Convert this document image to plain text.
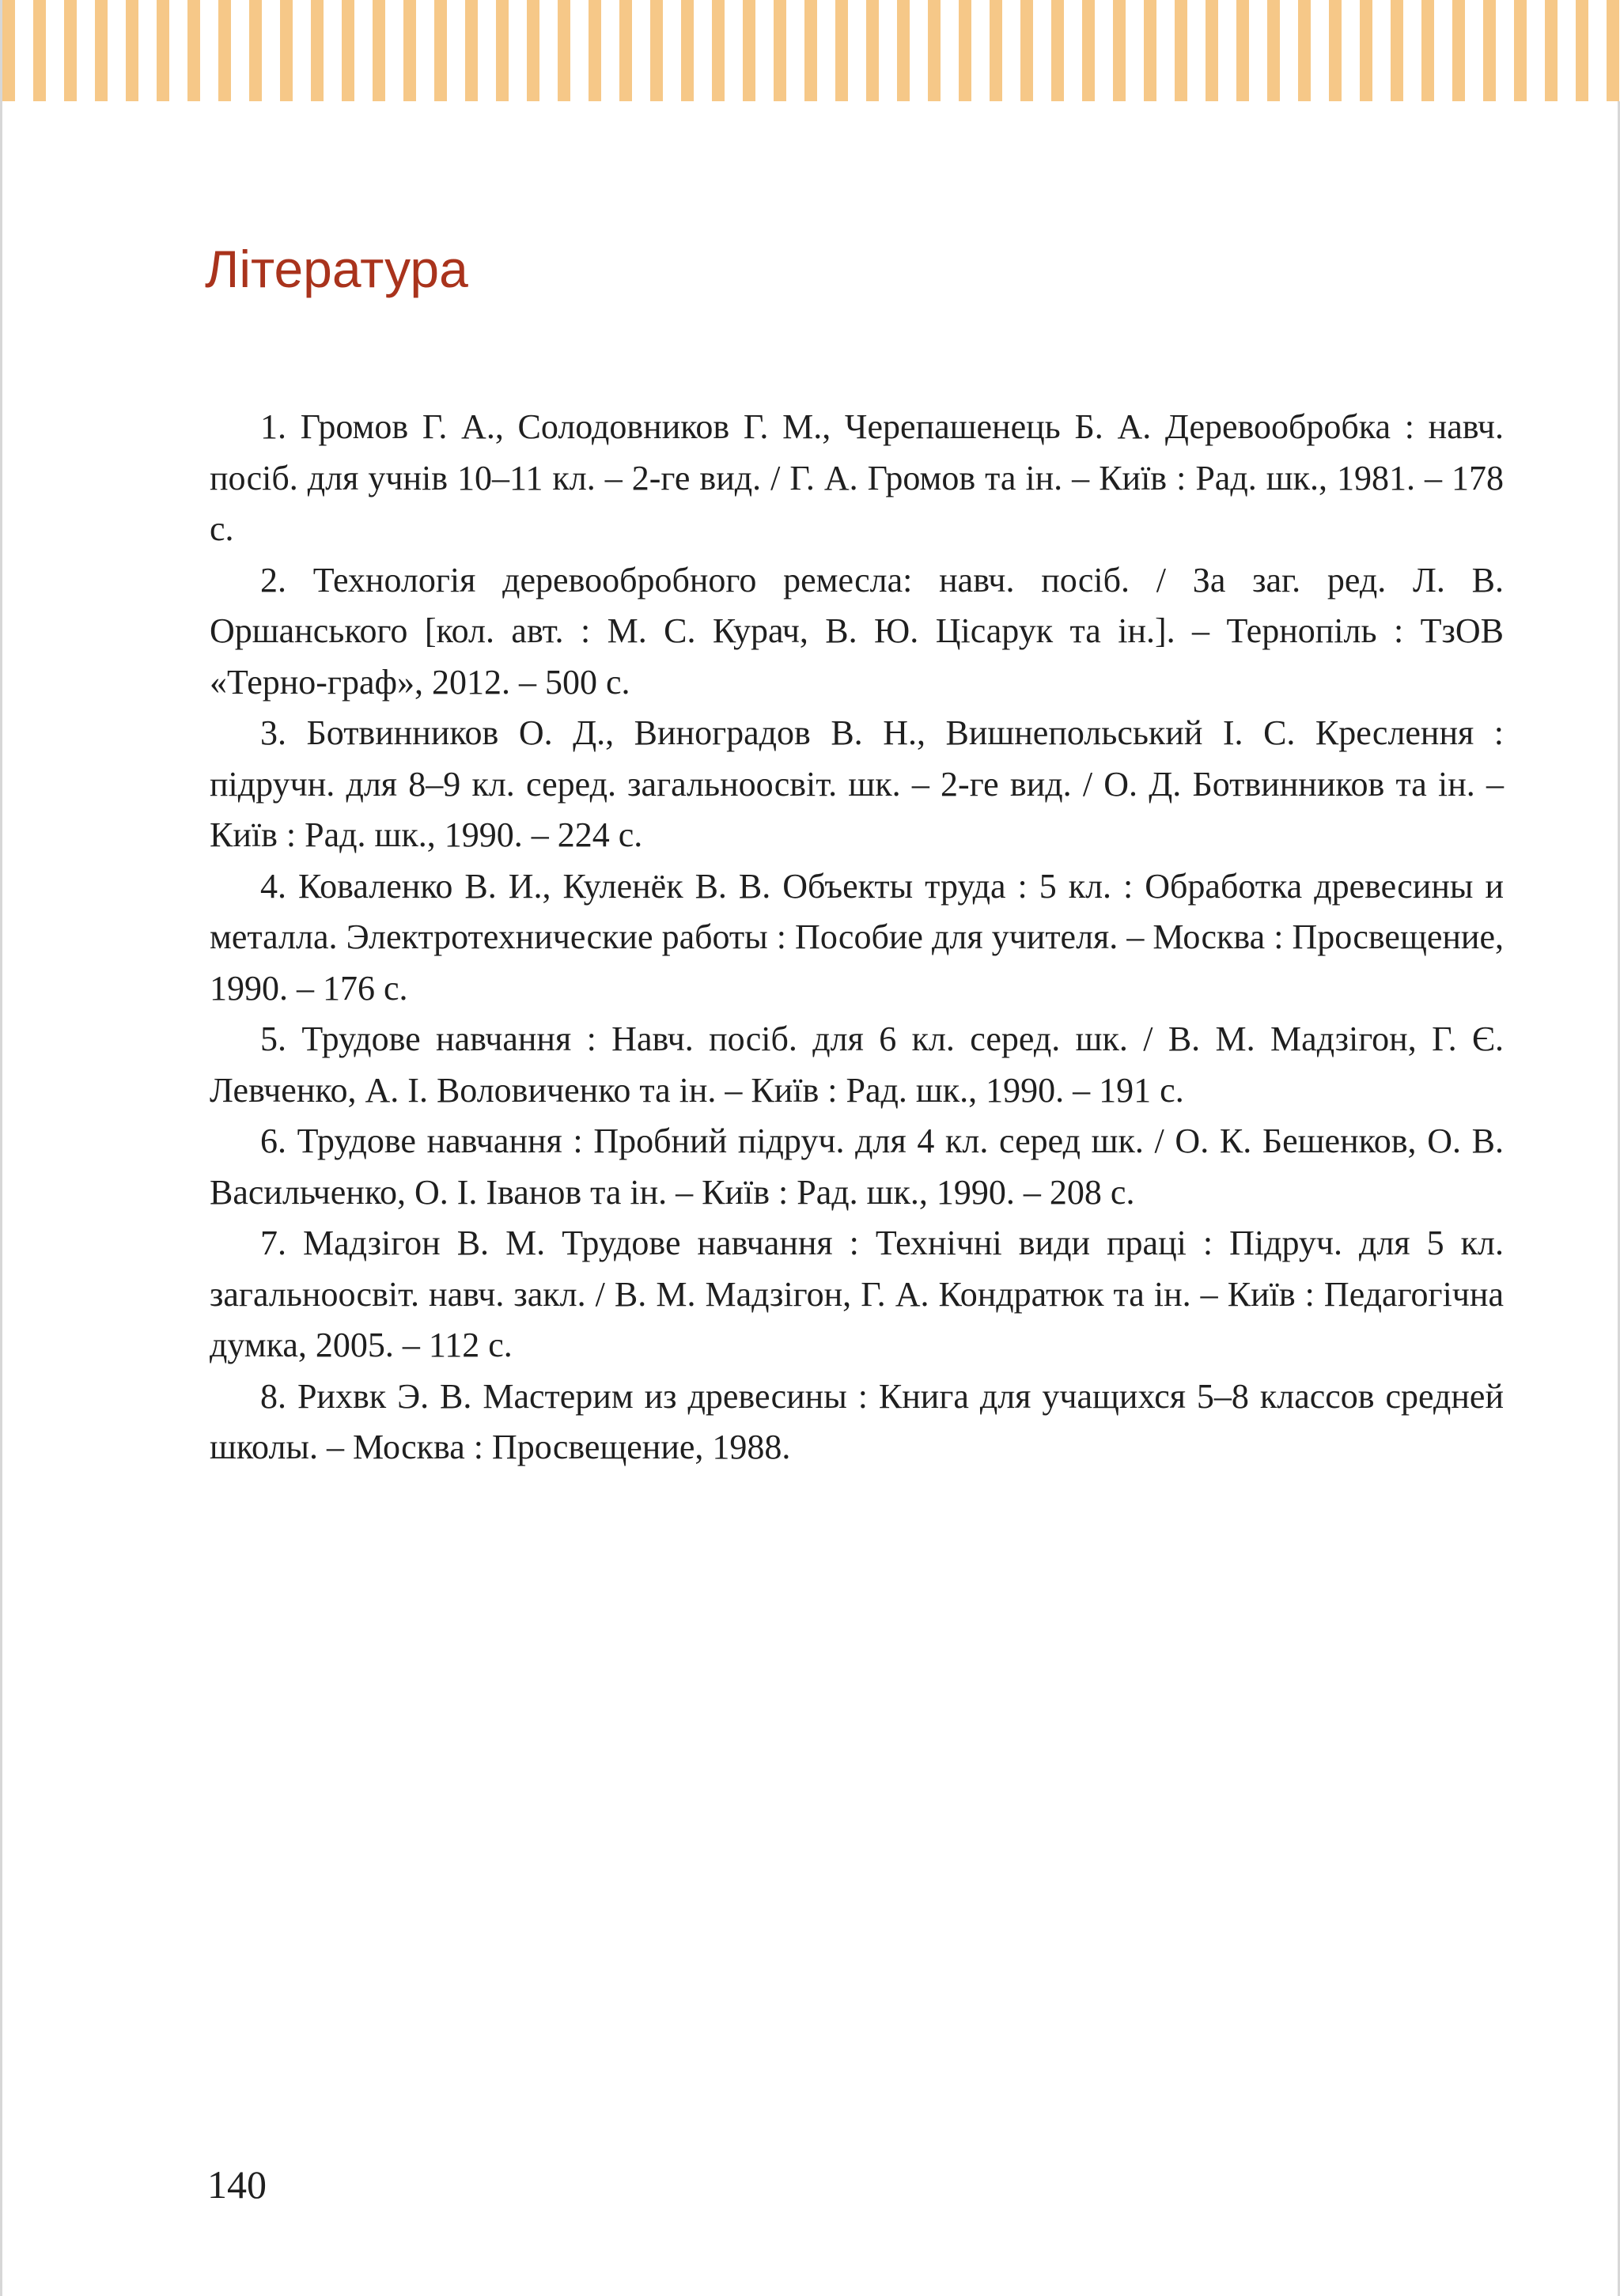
Література
1. Громов Г. А., Солодовников Г. М., Черепашенець Б. А. Деревообробка : навч. посіб. для учнів 10–11 кл. – 2-ге вид. / Г. А. Громов та ін. – Київ : Рад. шк., 1981. – 178 с.
2. Технологія деревообробного ремесла: навч. посіб. / За заг. ред. Л. В. Оршанського [кол. авт. : М. С. Курач, В. Ю. Цісарук та ін.]. – Тернопіль : ТзОВ «Терно-граф», 2012. – 500 с.
3. Ботвинников О. Д., Виноградов В. Н., Вишнепольський І. С. Креслення : підручн. для 8–9 кл. серед. загальноосвіт. шк. – 2-ге вид. / О. Д. Ботвинников та ін. – Київ : Рад. шк., 1990. – 224 с.
4. Коваленко В. И., Куленёк В. В. Объекты труда : 5 кл. : Обработка древесины и металла. Электротехнические работы : Пособие для учителя. – Москва : Просвещение, 1990. – 176 с.
5. Трудове навчання : Навч. посіб. для 6 кл. серед. шк. / В. М. Мадзігон, Г. Є. Левченко, А. І. Воловиченко та ін. – Київ : Рад. шк., 1990. – 191 с.
6. Трудове навчання : Пробний підруч. для 4 кл. серед шк. / О. К. Бешенков, О. В. Васильченко, О. І. Іванов та ін. – Київ : Рад. шк., 1990. – 208 с.
7. Мадзігон В. М. Трудове навчання : Технічні види праці : Підруч. для 5 кл. загальноосвіт. навч. закл. / В. М. Мадзігон, Г. А. Кондратюк та ін. – Київ : Педагогічна думка, 2005. – 112 с.
8. Рихвк Э. В. Мастерим из древесины : Книга для учащихся 5–8 классов средней школы. – Москва : Просвещение, 1988.
140
